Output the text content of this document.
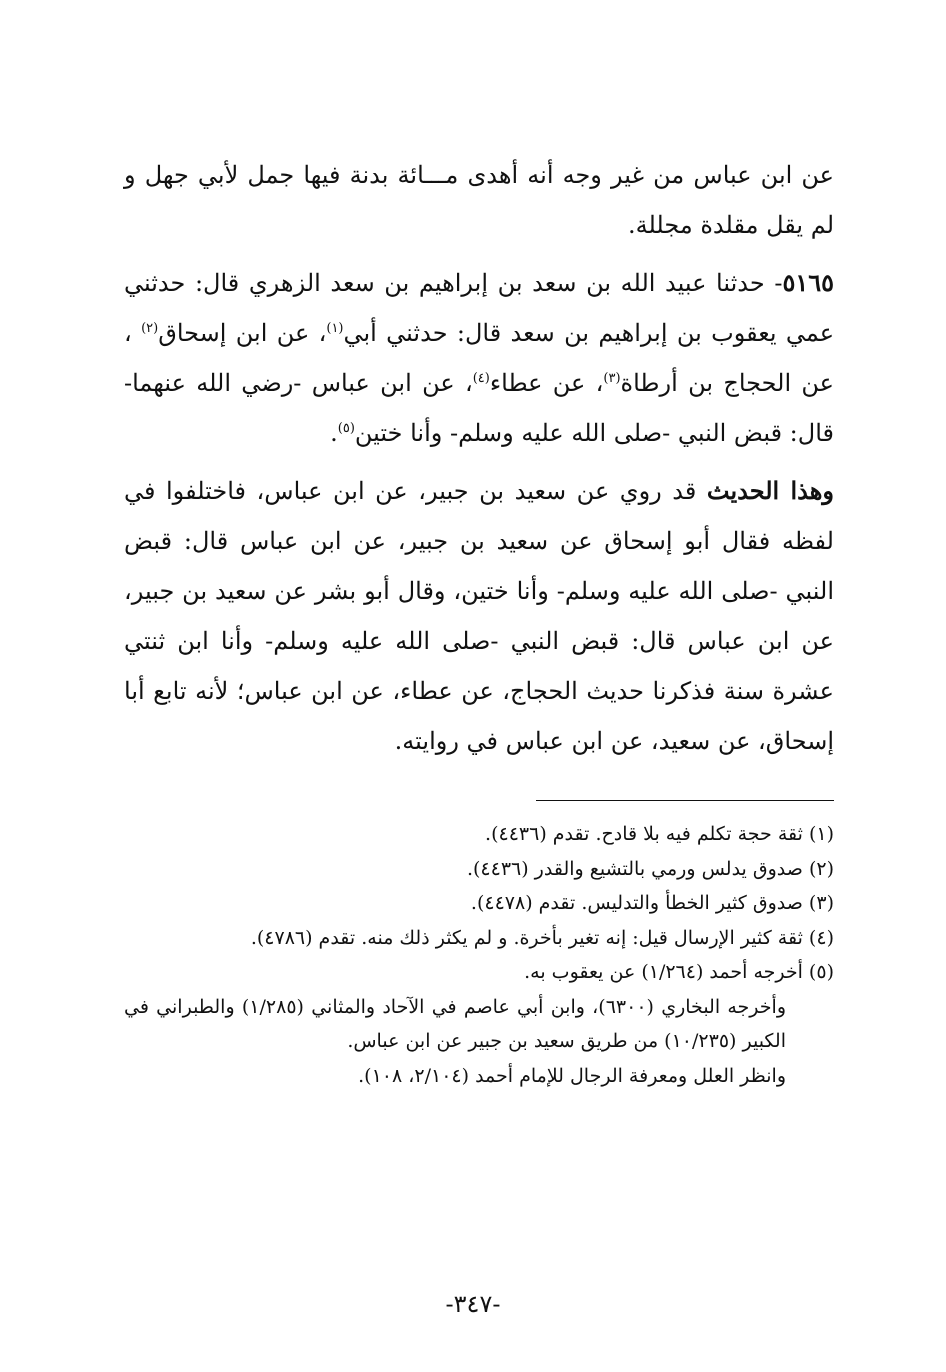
عن ابن عباس من غير وجه أنه أهدى مـــائة بدنة فيها جمل لأبي جهل و لم يقل مقلدة مجللة.

٥١٦٥- حدثنا عبيد الله بن سعد بن إبراهيم بن سعد الزهري قال: حدثني عمي يعقوب بن إبراهيم بن سعد قال: حدثني أبي$^{(١)}$، عن ابن إسحاق$^{(٢)}$ ، عن الحجاج بن أرطاة$^{(٣)}$، عن عطاء$^{(٤)}$، عن ابن عباس -رضي الله عنهما- قال: قبض النبي -صلى الله عليه وسلم- وأنا ختين$^{(٥)}$.

وهذا الحديث قد روي عن سعيد بن جبير، عن ابن عباس، فاختلفوا في لفظه فقال أبو إسحاق عن سعيد بن جبير، عن ابن عباس قال: قبض النبي -صلى الله عليه وسلم- وأنا ختين، وقال أبو بشر عن سعيد بن جبير، عن ابن عباس قال: قبض النبي -صلى الله عليه وسلم- وأنا ابن ثنتي عشرة سنة فذكرنا حديث الحجاج، عن عطاء، عن ابن عباس؛ لأنه تابع أبا إسحاق، عن سعيد، عن ابن عباس في روايته.

(١) ثقة حجة تكلم فيه بلا قادح. تقدم (٤٤٣٦).

(٢) صدوق يدلس ورمي بالتشيع والقدر (٤٤٣٦).

(٣) صدوق كثير الخطأ والتدليس. تقدم (٤٤٧٨).

(٤) ثقة كثير الإرسال قيل: إنه تغير بأخرة. و لم يكثر ذلك منه. تقدم (٤٧٨٦).

(٥) أخرجه أحمد (١/٢٦٤) عن يعقوب به.

وأخرجه البخاري (٦٣٠٠)، وابن أبي عاصم في الآحاد والمثاني (١/٢٨٥) والطبراني في الكبير (١٠/٢٣٥) من طريق سعيد بن جبير عن ابن عباس.

وانظر العلل ومعرفة الرجال للإمام أحمد (٢/١٠٤، ١٠٨).

-٣٤٧-
